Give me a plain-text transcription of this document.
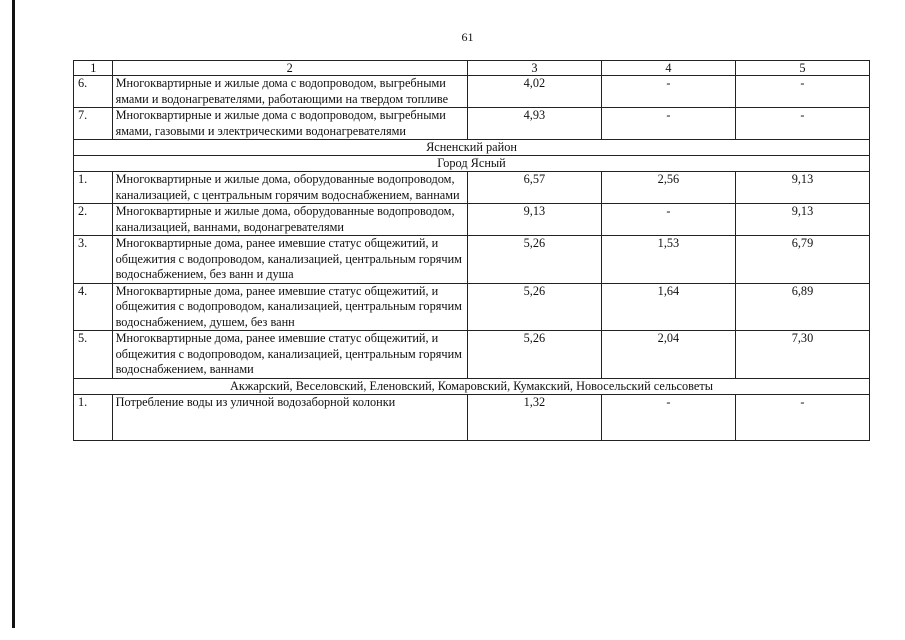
61
1	2	3	4	5
6.	Многоквартирные и жилые дома с водопроводом, выгребными ямами и водонагревателями, работающими на твердом топливе	4,02	-	-
7.	Многоквартирные и жилые дома с водопроводом, выгребными ямами, газовыми и электрическими водонагревателями	4,93	-	-
Ясненский район				
Город Ясный				
1.	Многоквартирные и жилые дома, оборудованные водопроводом, канализацией, с центральным горячим водоснабжением, ваннами	6,57	2,56	9,13
2.	Многоквартирные и жилые дома, оборудованные водопроводом, канализацией, ваннами, водонагревателями	9,13	-	9,13
3.	Многоквартирные дома, ранее имевшие статус общежитий, и общежития с водопроводом, канализацией, центральным горячим водоснабжением, без ванн и душа	5,26	1,53	6,79
4.	Многоквартирные дома, ранее имевшие статус общежитий, и общежития с водопроводом, канализацией, центральным горячим водоснабжением, душем, без ванн	5,26	1,64	6,89
5.	Многоквартирные дома, ранее имевшие статус общежитий, и общежития с водопроводом, канализацией, центральным горячим водоснабжением, ваннами	5,26	2,04	7,30
Акжарский, Веселовский, Еленовский, Комаровский, Кумакский, Новосельский сельсоветы				
1.	Потребление воды из уличной водозаборной колонки	1,32	-	-
